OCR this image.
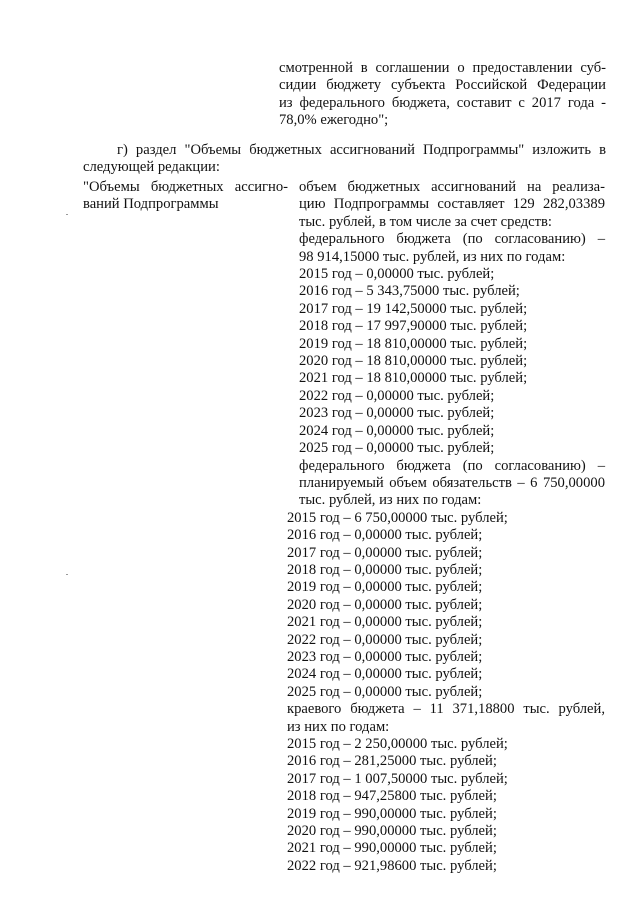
смотренной в соглашении о предоставлении суб-
сидии бюджету субъекта Российской Федерации
из федерального бюджета, составит с 2017 года -
78,0% ежегодно";
г) раздел "Объемы бюджетных ассигнований Подпрограммы" изложить в
следующей редакции:
"Объемы бюджетных ассигно-
ваний Подпрограммы
объем бюджетных ассигнований на реализа-
цию Подпрограммы составляет 129 282,03389
тыс. рублей, в том числе за счет средств:
федерального бюджета (по согласованию) –
98 914,15000 тыс. рублей, из них по годам:
2015 год – 0,00000 тыс. рублей;
2016 год – 5 343,75000 тыс. рублей;
2017 год – 19 142,50000 тыс. рублей;
2018 год – 17 997,90000 тыс. рублей;
2019 год – 18 810,00000 тыс. рублей;
2020 год – 18 810,00000 тыс. рублей;
2021 год – 18 810,00000 тыс. рублей;
2022 год – 0,00000 тыс. рублей;
2023 год – 0,00000 тыс. рублей;
2024 год – 0,00000 тыс. рублей;
2025 год – 0,00000 тыс. рублей;
федерального бюджета (по согласованию) –
планируемый объем обязательств – 6 750,00000
тыс. рублей, из них по годам:
2015 год – 6 750,00000 тыс. рублей;
2016 год – 0,00000 тыс. рублей;
2017 год – 0,00000 тыс. рублей;
2018 год – 0,00000 тыс. рублей;
2019 год – 0,00000 тыс. рублей;
2020 год – 0,00000 тыс. рублей;
2021 год – 0,00000 тыс. рублей;
2022 год – 0,00000 тыс. рублей;
2023 год – 0,00000 тыс. рублей;
2024 год – 0,00000 тыс. рублей;
2025 год – 0,00000 тыс. рублей;
краевого бюджета – 11 371,18800 тыс. рублей,
из них по годам:
2015 год – 2 250,00000 тыс. рублей;
2016 год – 281,25000 тыс. рублей;
2017 год – 1 007,50000 тыс. рублей;
2018 год – 947,25800 тыс. рублей;
2019 год – 990,00000 тыс. рублей;
2020 год – 990,00000 тыс. рублей;
2021 год – 990,00000 тыс. рублей;
2022 год – 921,98600 тыс. рублей;
